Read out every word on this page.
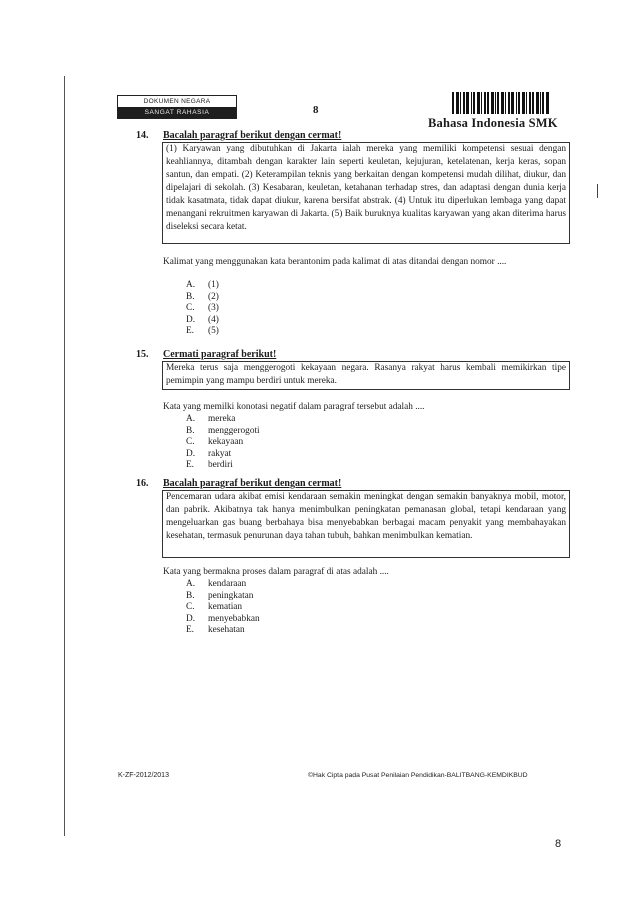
DOKUMEN NEGARA
SANGAT RAHASIA	8
Bahasa Indonesia SMK
14. Bacalah paragraf berikut dengan cermat!
(1) Karyawan yang dibutuhkan di Jakarta ialah mereka yang memiliki kompetensi sesuai dengan keahliannya, ditambah dengan karakter lain seperti keuletan, kejujuran, ketelatenan, kerja keras, sopan santun, dan empati. (2) Keterampilan teknis yang berkaitan dengan kompetensi mudah dilihat, diukur, dan dipelajari di sekolah. (3) Kesabaran, keuletan, ketahanan terhadap stres, dan adaptasi dengan dunia kerja tidak kasatmata, tidak dapat diukur, karena bersifat abstrak. (4) Untuk itu diperlukan lembaga yang dapat menangani rekruitmen karyawan di Jakarta. (5) Baik buruknya kualitas karyawan yang akan diterima harus diseleksi secara ketat.
Kalimat yang menggunakan kata berantonim pada kalimat di atas ditandai dengan nomor ....
A.	(1)
B.	(2)
C.	(3)
D.	(4)
E.	(5)
15. Cermati paragraf berikut!
Mereka terus saja menggerogoti kekayaan negara. Rasanya rakyat harus kembali memikirkan tipe pemimpin yang mampu berdiri untuk mereka.
Kata yang memilki konotasi negatif dalam paragraf tersebut adalah ....
A.	mereka
B.	menggerogoti
C.	kekayaan
D.	rakyat
E.	berdiri
16. Bacalah paragraf berikut dengan cermat!
Pencemaran udara akibat emisi kendaraan semakin meningkat dengan semakin banyaknya mobil, motor, dan pabrik. Akibatnya tak hanya menimbulkan peningkatan pemanasan global, tetapi kendaraan yang mengeluarkan gas buang berbahaya bisa menyebabkan berbagai macam penyakit yang membahayakan kesehatan, termasuk penurunan daya tahan tubuh, bahkan menimbulkan kematian.
Kata yang bermakna proses dalam paragraf di atas adalah ....
A.	kendaraan
B.	peningkatan
C.	kematian
D.	menyebabkan
E.	kesehatan
K-ZF-2012/2013	©Hak Cipta pada Pusat Penilaian Pendidikan-BALITBANG-KEMDIKBUD
8
